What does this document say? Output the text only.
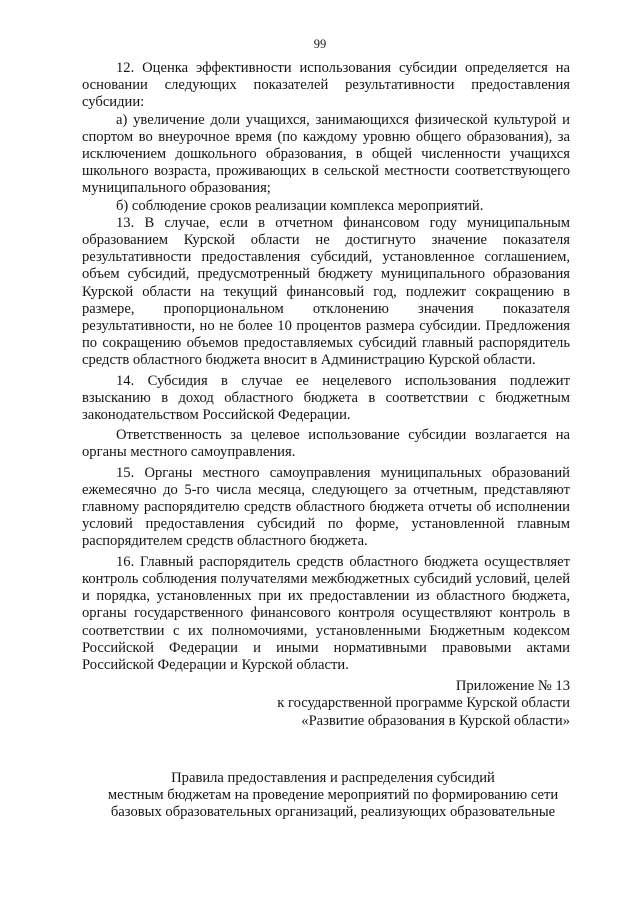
99

12. Оценка эффективности использования субсидии определяется на основании следующих показателей результативности предоставления субсидии:

а) увеличение доли учащихся, занимающихся физической культурой и спортом во внеурочное время (по каждому уровню общего образования), за исключением дошкольного образования, в общей численности учащихся школьного возраста, проживающих в сельской местности соответствующего муниципального образования;

б) соблюдение сроков реализации комплекса мероприятий.

13. В случае, если в отчетном финансовом году муниципальным образованием Курской области не достигнуто значение показателя результативности предоставления субсидий, установленное соглашением, объем субсидий, предусмотренный бюджету муниципального образования Курской области на текущий финансовый год, подлежит сокращению в размере, пропорциональном отклонению значения показателя результативности, но не более 10 процентов размера субсидии. Предложения по сокращению объемов предоставляемых субсидий главный распорядитель средств областного бюджета вносит в Администрацию Курской области.

14. Субсидия в случае ее нецелевого использования подлежит взысканию в доход областного бюджета в соответствии с бюджетным законодательством Российской Федерации.

Ответственность за целевое использование субсидии возлагается на органы местного самоуправления.

15. Органы местного самоуправления муниципальных образований ежемесячно до 5-го числа месяца, следующего за отчетным, представляют главному распорядителю средств областного бюджета отчеты об исполнении условий предоставления субсидий по форме, установленной главным распорядителем средств областного бюджета.

16. Главный распорядитель средств областного бюджета осуществляет контроль соблюдения получателями межбюджетных субсидий условий, целей и порядка, установленных при их предоставлении из областного бюджета, органы государственного финансового контроля осуществляют контроль в соответствии с их полномочиями, установленными Бюджетным кодексом Российской Федерации и иными нормативными правовыми актами Российской Федерации и Курской области.

Приложение № 13
к государственной программе Курской области
«Развитие образования в Курской области»
Правила предоставления и распределения субсидий
местным бюджетам на проведение мероприятий по формированию сети
базовых образовательных организаций, реализующих образовательные
